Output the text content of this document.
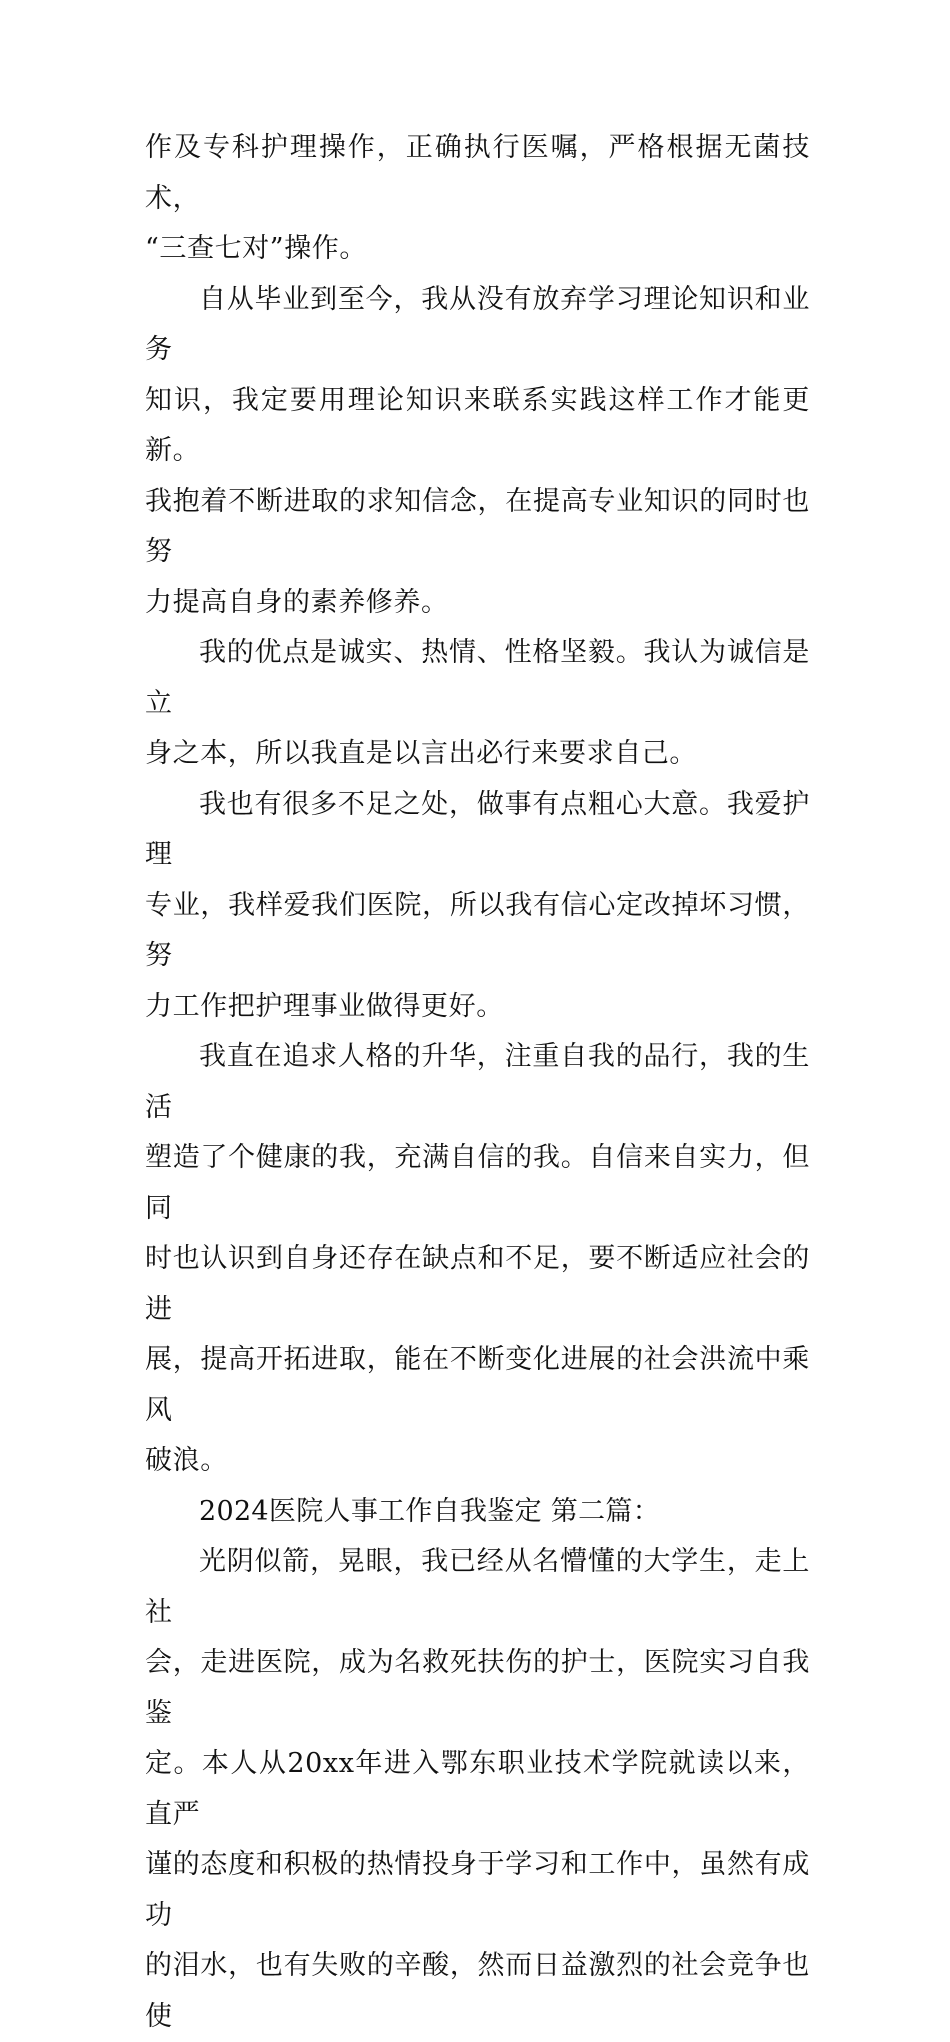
作及专科护理操作，正确执行医嘱，严格根据无菌技术，
“三查七对”操作。
自从毕业到至今，我从没有放弃学习理论知识和业务
知识，我定要用理论知识来联系实践这样工作才能更新。
我抱着不断进取的求知信念，在提高专业知识的同时也努
力提高自身的素养修养。
我的优点是诚实、热情、性格坚毅。我认为诚信是立
身之本，所以我直是以言出必行来要求自己。
我也有很多不足之处，做事有点粗心大意。我爱护理
专业，我样爱我们医院，所以我有信心定改掉坏习惯，努
力工作把护理事业做得更好。
我直在追求人格的升华，注重自我的品行，我的生活
塑造了个健康的我，充满自信的我。自信来自实力，但同
时也认识到自身还存在缺点和不足，要不断适应社会的进
展，提高开拓进取，能在不断变化进展的社会洪流中乘风
破浪。
2024医院人事工作自我鉴定 第二篇：
光阴似箭，晃眼，我已经从名懵懂的大学生，走上社
会，走进医院，成为名救死扶伤的护士，医院实习自我鉴
定。本人从20xx年进入鄂东职业技术学院就读以来，直严
谨的态度和积极的热情投身于学习和工作中，虽然有成功
的泪水，也有失败的辛酸，然而日益激烈的社会竞争也使
